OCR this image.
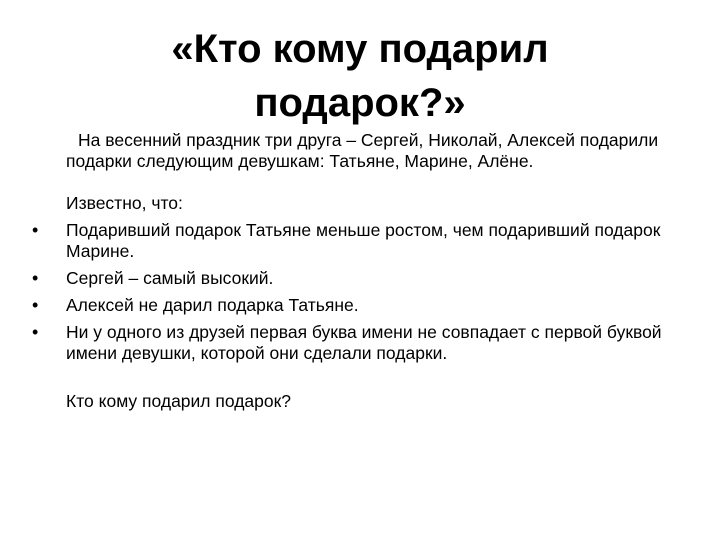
«Кто кому подарил
подарок?»

На весенний праздник три друга – Сергей, Николай, Алексей подарили подарки следующим девушкам: Татьяне, Марине, Алёне.

Известно, что:

•	Подаривший подарок Татьяне меньше ростом, чем подаривший подарок Марине.
•	Сергей – самый высокий.
•	Алексей не дарил подарка Татьяне.
•	Ни у одного из друзей первая буква имени не совпадает с первой буквой имени девушки, которой они сделали подарки.

Кто кому подарил подарок?
